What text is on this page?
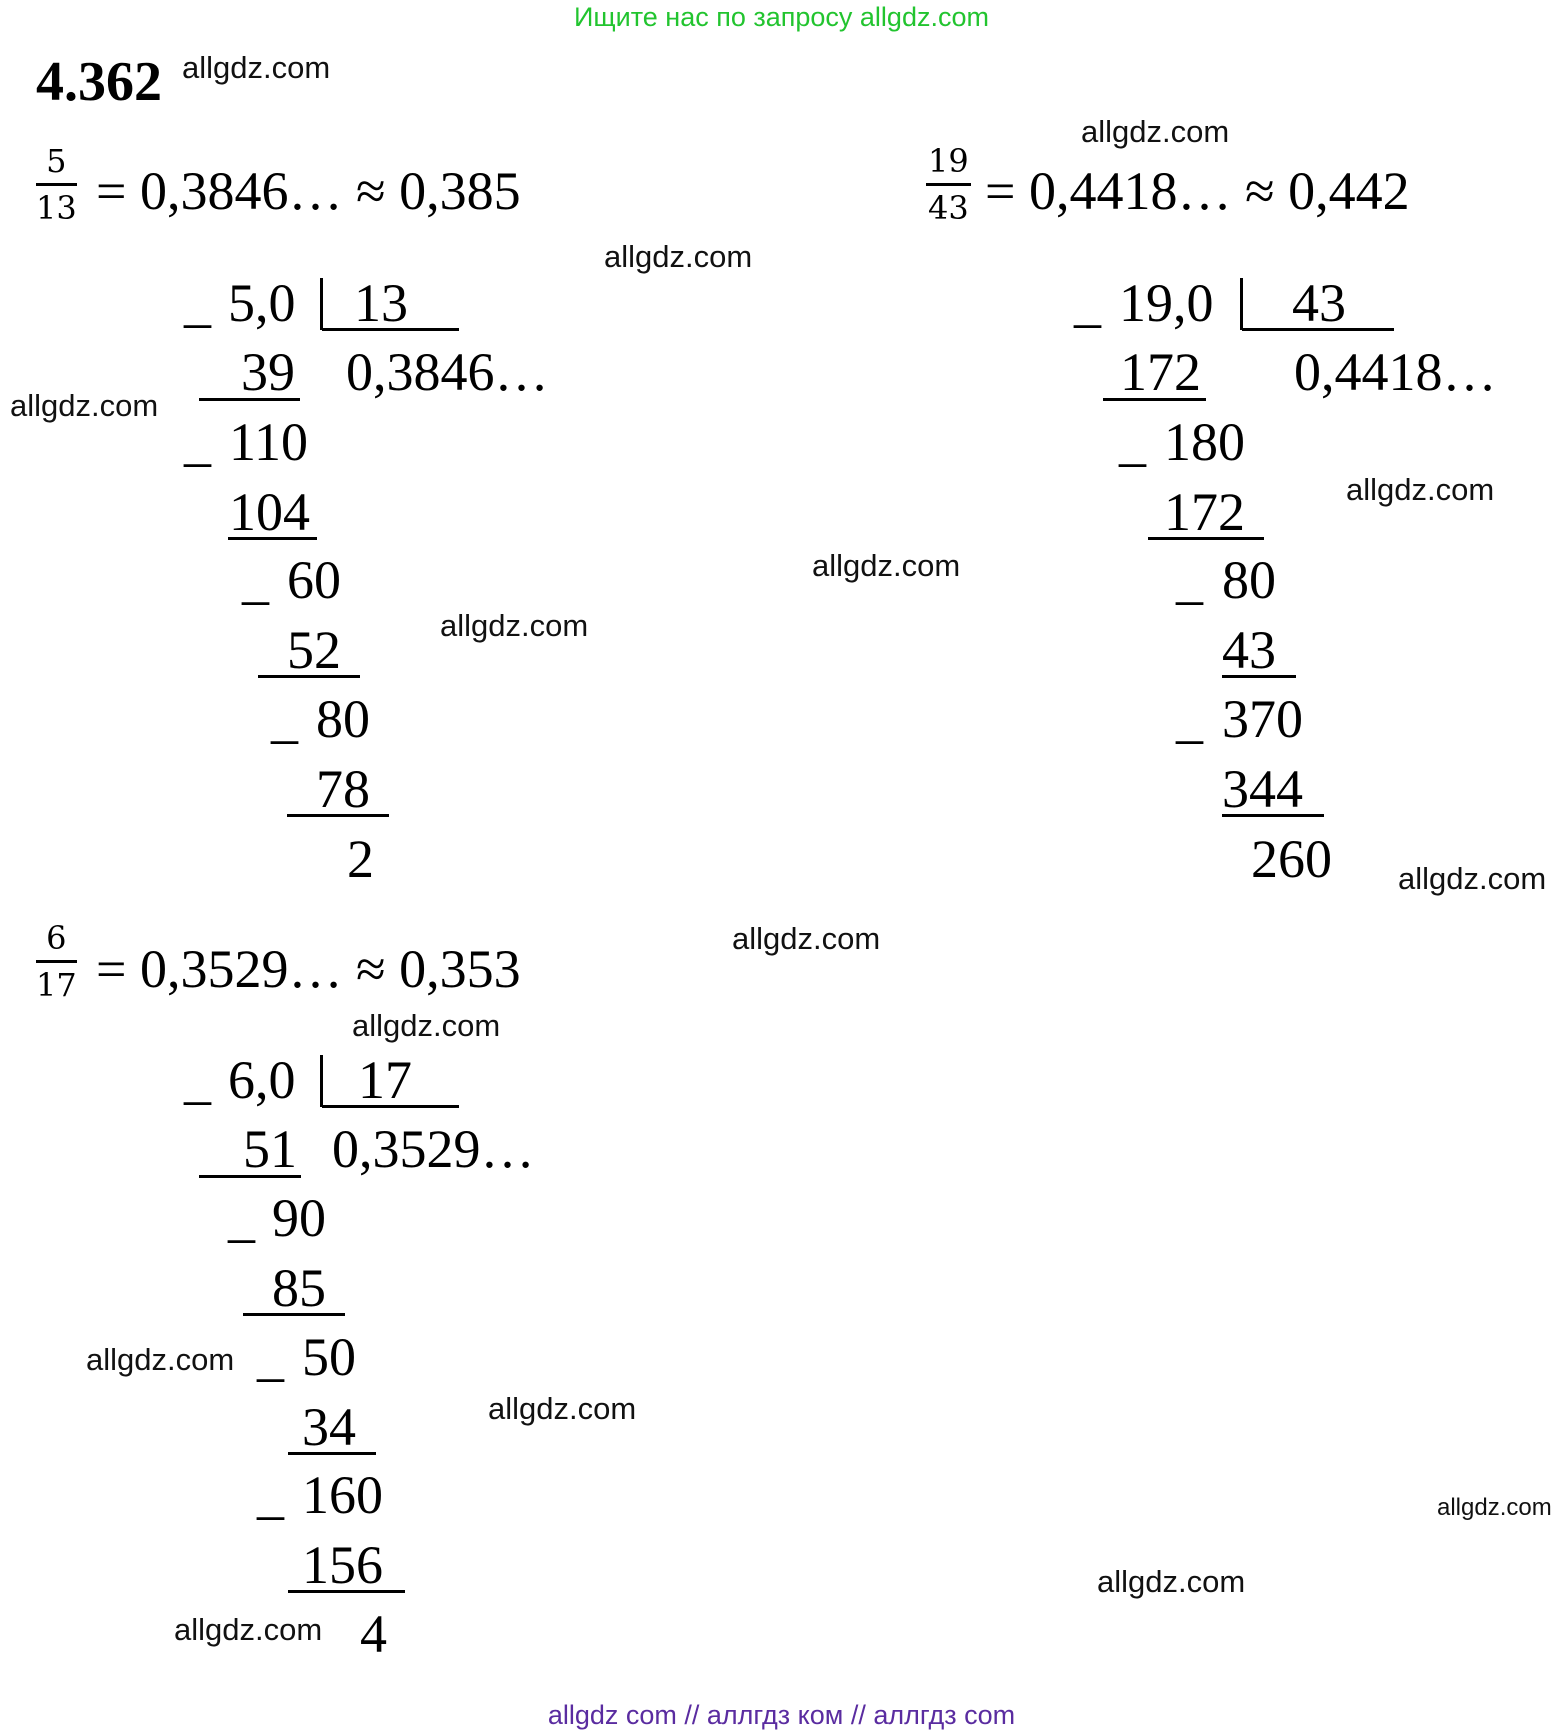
Ищите нас по запросу allgdz.com
4.362
$\frac{5}{13}$ = 0,3846… ≈ 0,385
_ 5,0 13
0,3846…
39
_ 110
104
_ 60
52
_ 80
78
2
$\frac{19}{43}$ = 0,4418… ≈ 0,442
_ 19,0 43
0,4418…
172
_ 180
172
_ 80
43
_ 370
344
260
$\frac{6}{17}$ = 0,3529… ≈ 0,353
_ 6,0 17
0,3529…
51
_ 90
85
_ 50
34
_ 160
156
4
allgdz.com
allgdz.com
allgdz.com
allgdz.com
allgdz.com
allgdz.com
allgdz.com
allgdz.com
allgdz.com
allgdz.com
allgdz.com
allgdz.com
allgdz.com
allgdz.com
allgdz.com
allgdz com // аллгдз ком // аллгдз com
